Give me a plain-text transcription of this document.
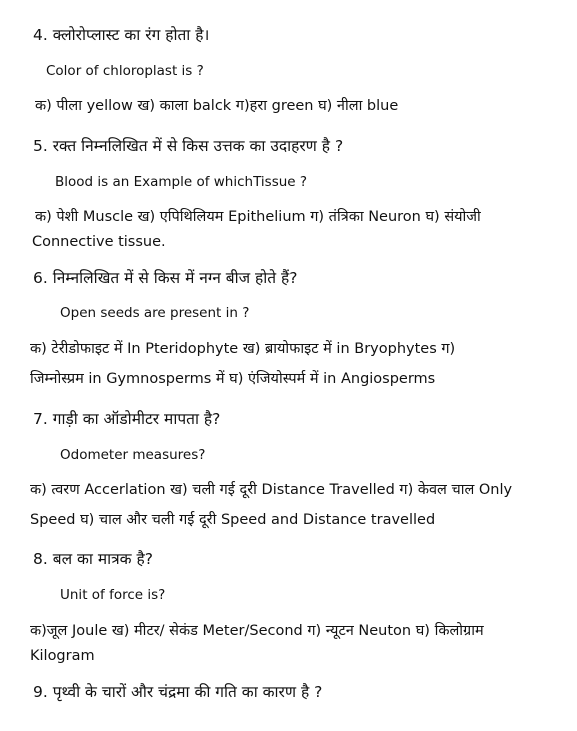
4. क्लोरोप्लास्ट का रंग होता है।
Color of chloroplast is ?
क) पीला yellow ख) काला balck ग)हरा green घ) नीला blue
5. रक्त निम्नलिखित में से किस उत्तक का उदाहरण है ?
Blood is an Example of whichTissue ?
क) पेशी Muscle ख) एपिथिलियम Epithelium ग) तंत्रिका Neuron घ) संयोजी
Connective tissue.
6. निम्नलिखित में से किस में नग्न बीज होते हैं?
Open seeds are present in ?
क) टेरीडोफाइट में In Pteridophyte ख) ब्रायोफाइट में in Bryophytes ग)
जिम्नोस्प्रम in Gymnosperms में घ) एंजियोस्पर्म में in Angiosperms
7. गाड़ी का ऑडोमीटर मापता है?
Odometer measures?
क) त्वरण Accerlation ख) चली गई दूरी Distance Travelled ग) केवल चाल Only
Speed घ) चाल और चली गई दूरी Speed and Distance travelled
8. बल का मात्रक है?
Unit of force is?
क)जूल Joule ख) मीटर/ सेकंड Meter/Second ग) न्यूटन Neuton घ) किलोग्राम
Kilogram
9. पृथ्वी के चारों और चंद्रमा की गति का कारण है ?
